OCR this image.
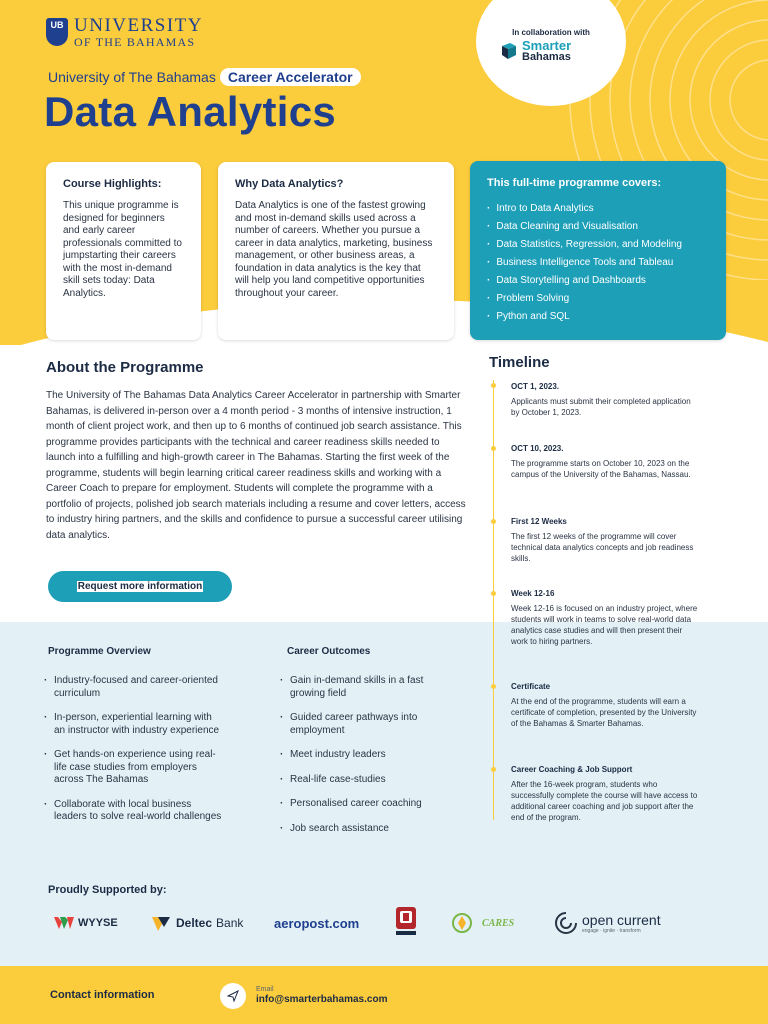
UB UNIVERSITY
OF THE BAHAMAS
In collaboration with
Smarter
Bahamas
University of The Bahamas Career Accelerator
Data Analytics
Course Highlights:

This unique programme is designed for beginners and early career professionals committed to jumpstarting their careers with the most in-demand skill sets today: Data Analytics.

Why Data Analytics?

Data Analytics is one of the fastest growing and most in-demand skills used across a number of careers. Whether you pursue a career in data analytics, marketing, business management, or other business areas, a foundation in data analytics is the key that will help you land competitive opportunities throughout your career.

This full-time programme covers:
· Intro to Data Analytics
· Data Cleaning and Visualisation
· Data Statistics, Regression, and Modeling
· Business Intelligence Tools and Tableau
· Data Storytelling and Dashboards
· Problem Solving
· Python and SQL
About the Programme

The University of The Bahamas Data Analytics Career Accelerator in partnership with Smarter Bahamas, is delivered in-person over a 4 month period - 3 months of intensive instruction, 1 month of client project work, and then up to 6 months of continued job search assistance. This programme provides participants with the technical and career readiness skills needed to launch into a fulfilling and high-growth career in The Bahamas. Starting the first week of the programme, students will begin learning critical career readiness skills and working with a Career Coach to prepare for employment. Students will complete the programme with a portfolio of projects, polished job search materials including a resume and cover letters, access to industry hiring partners, and the skills and confidence to pursue a successful career utilising data analytics.

Request more information
Timeline
OCT 1, 2023.
Applicants must submit their completed application by October 1, 2023.
OCT 10, 2023.
The programme starts on October 10, 2023 on the campus of the University of the Bahamas, Nassau.
First 12 Weeks
The first 12 weeks of the programme will cover technical data analytics concepts and job readiness skills.
Week 12-16
Week 12-16 is focused on an industry project, where students will work in teams to solve real-world data analytics case studies and will then present their work to hiring partners.
Certificate
At the end of the programme, students will earn a certificate of completion, presented by the University of the Bahamas & Smarter Bahamas.
Career Coaching & Job Support
After the 16-week program, students who successfully complete the course will have access to additional career coaching and job support after the end of the program.
Programme Overview
· Industry-focused and career-oriented curriculum
· In-person, experiential learning with an instructor with industry experience
· Get hands-on experience using real-life case studies from employers across The Bahamas
· Collaborate with local business leaders to solve real-world challenges
Career Outcomes
· Gain in-demand skills in a fast growing field
· Guided career pathways into employment
· Meet industry leaders
· Real-life case-studies
· Personalised career coaching
· Job search assistance
Proudly Supported by:
WYYSE	Deltec Bank aeropost.com	CARES	open current
engage · ignite · transform
Contact information	Email
info@smarterbahamas.com
